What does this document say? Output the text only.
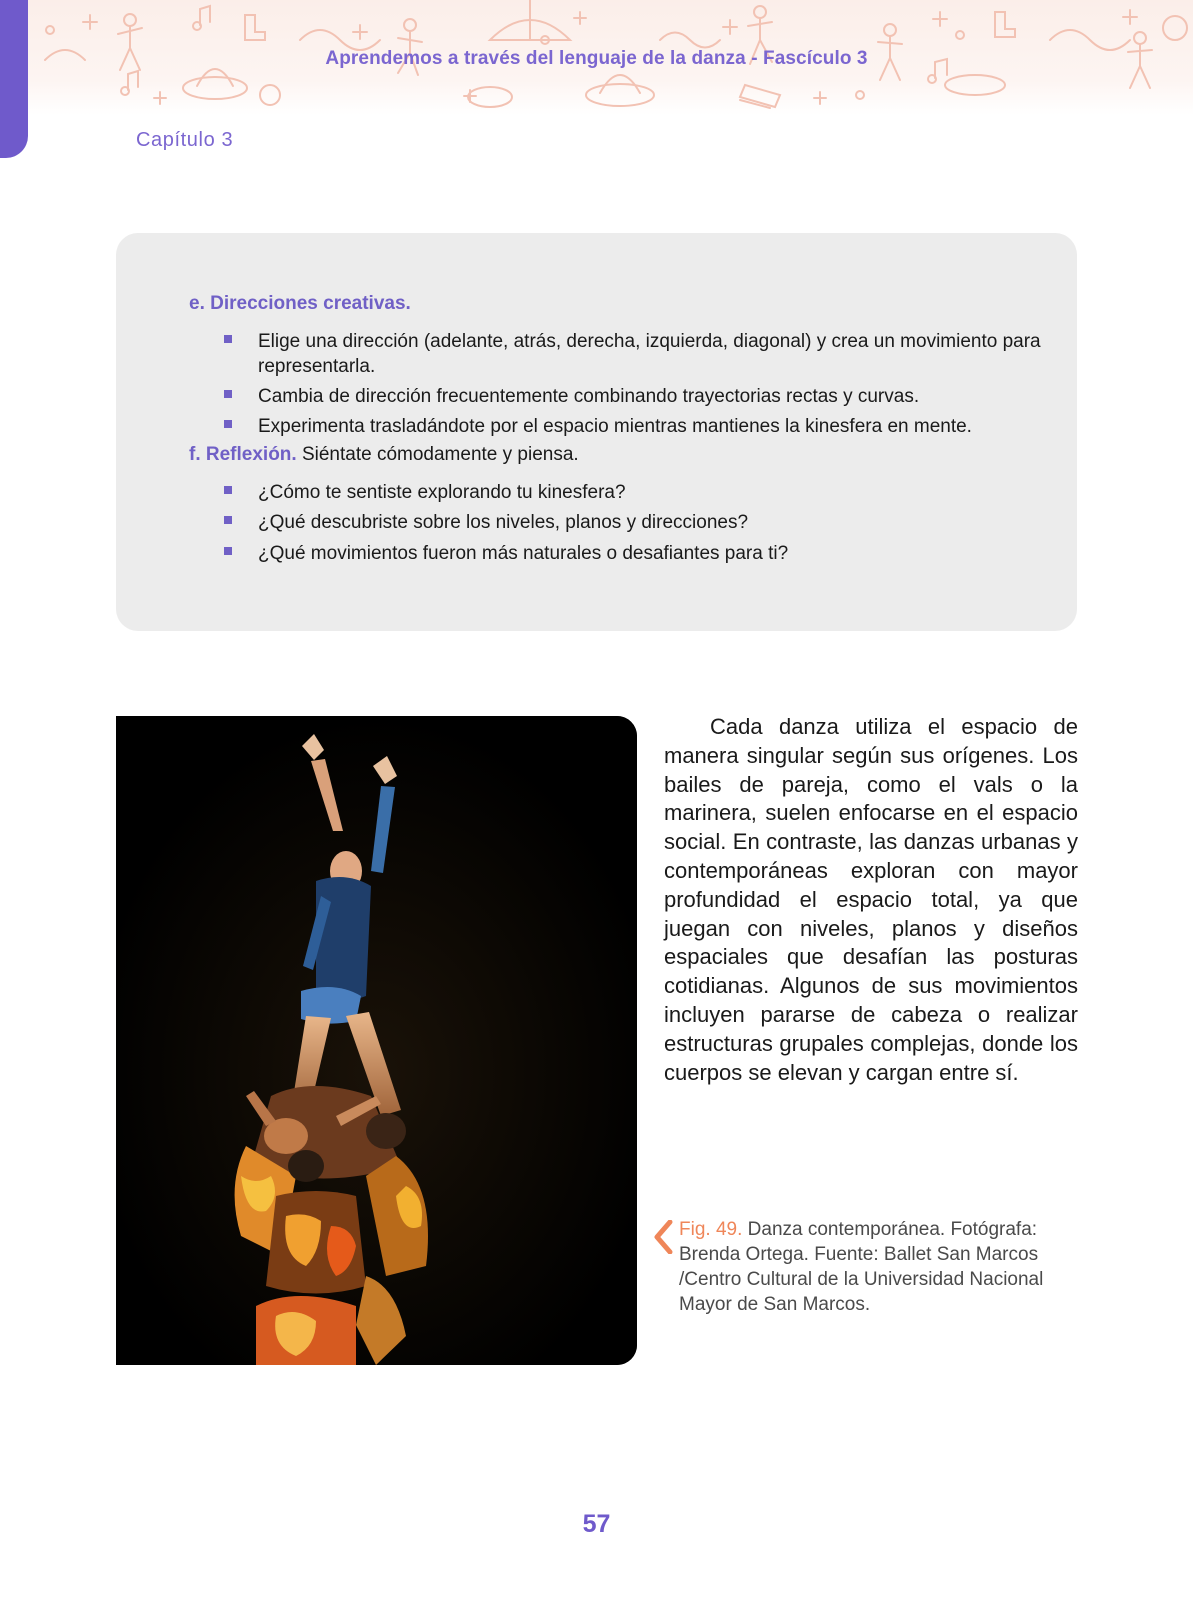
Aprendemos a través del lenguaje de la danza - Fascículo 3
Capítulo 3
e. Direcciones creativas.
Elige una dirección (adelante, atrás, derecha, izquierda, diagonal) y crea un movimiento para representarla.
Cambia de dirección frecuentemente combinando trayectorias rectas y curvas.
Experimenta trasladándote por el espacio mientras mantienes la kinesfera en mente.
f. Reflexión. Siéntate cómodamente y piensa.
¿Cómo te sentiste explorando tu kinesfera?
¿Qué descubriste sobre los niveles, planos y direcciones?
¿Qué movimientos fueron más naturales o desafiantes para ti?
Cada danza utiliza el espacio de manera singular según sus orígenes. Los bailes de pareja, como el vals o la marinera, suelen enfocarse en el espacio social. En contraste, las danzas urbanas y contemporáneas exploran con mayor profundidad el espacio total, ya que juegan con niveles, planos y diseños espaciales que desafían las posturas cotidianas. Algunos de sus movimientos incluyen pararse de cabeza o realizar estructuras grupales complejas, donde los cuerpos se elevan y cargan entre sí.
Fig. 49. Danza contemporánea. Fotógrafa: Brenda Ortega. Fuente: Ballet San Marcos /Centro Cultural de la Universidad Nacional Mayor de San Marcos.
57
